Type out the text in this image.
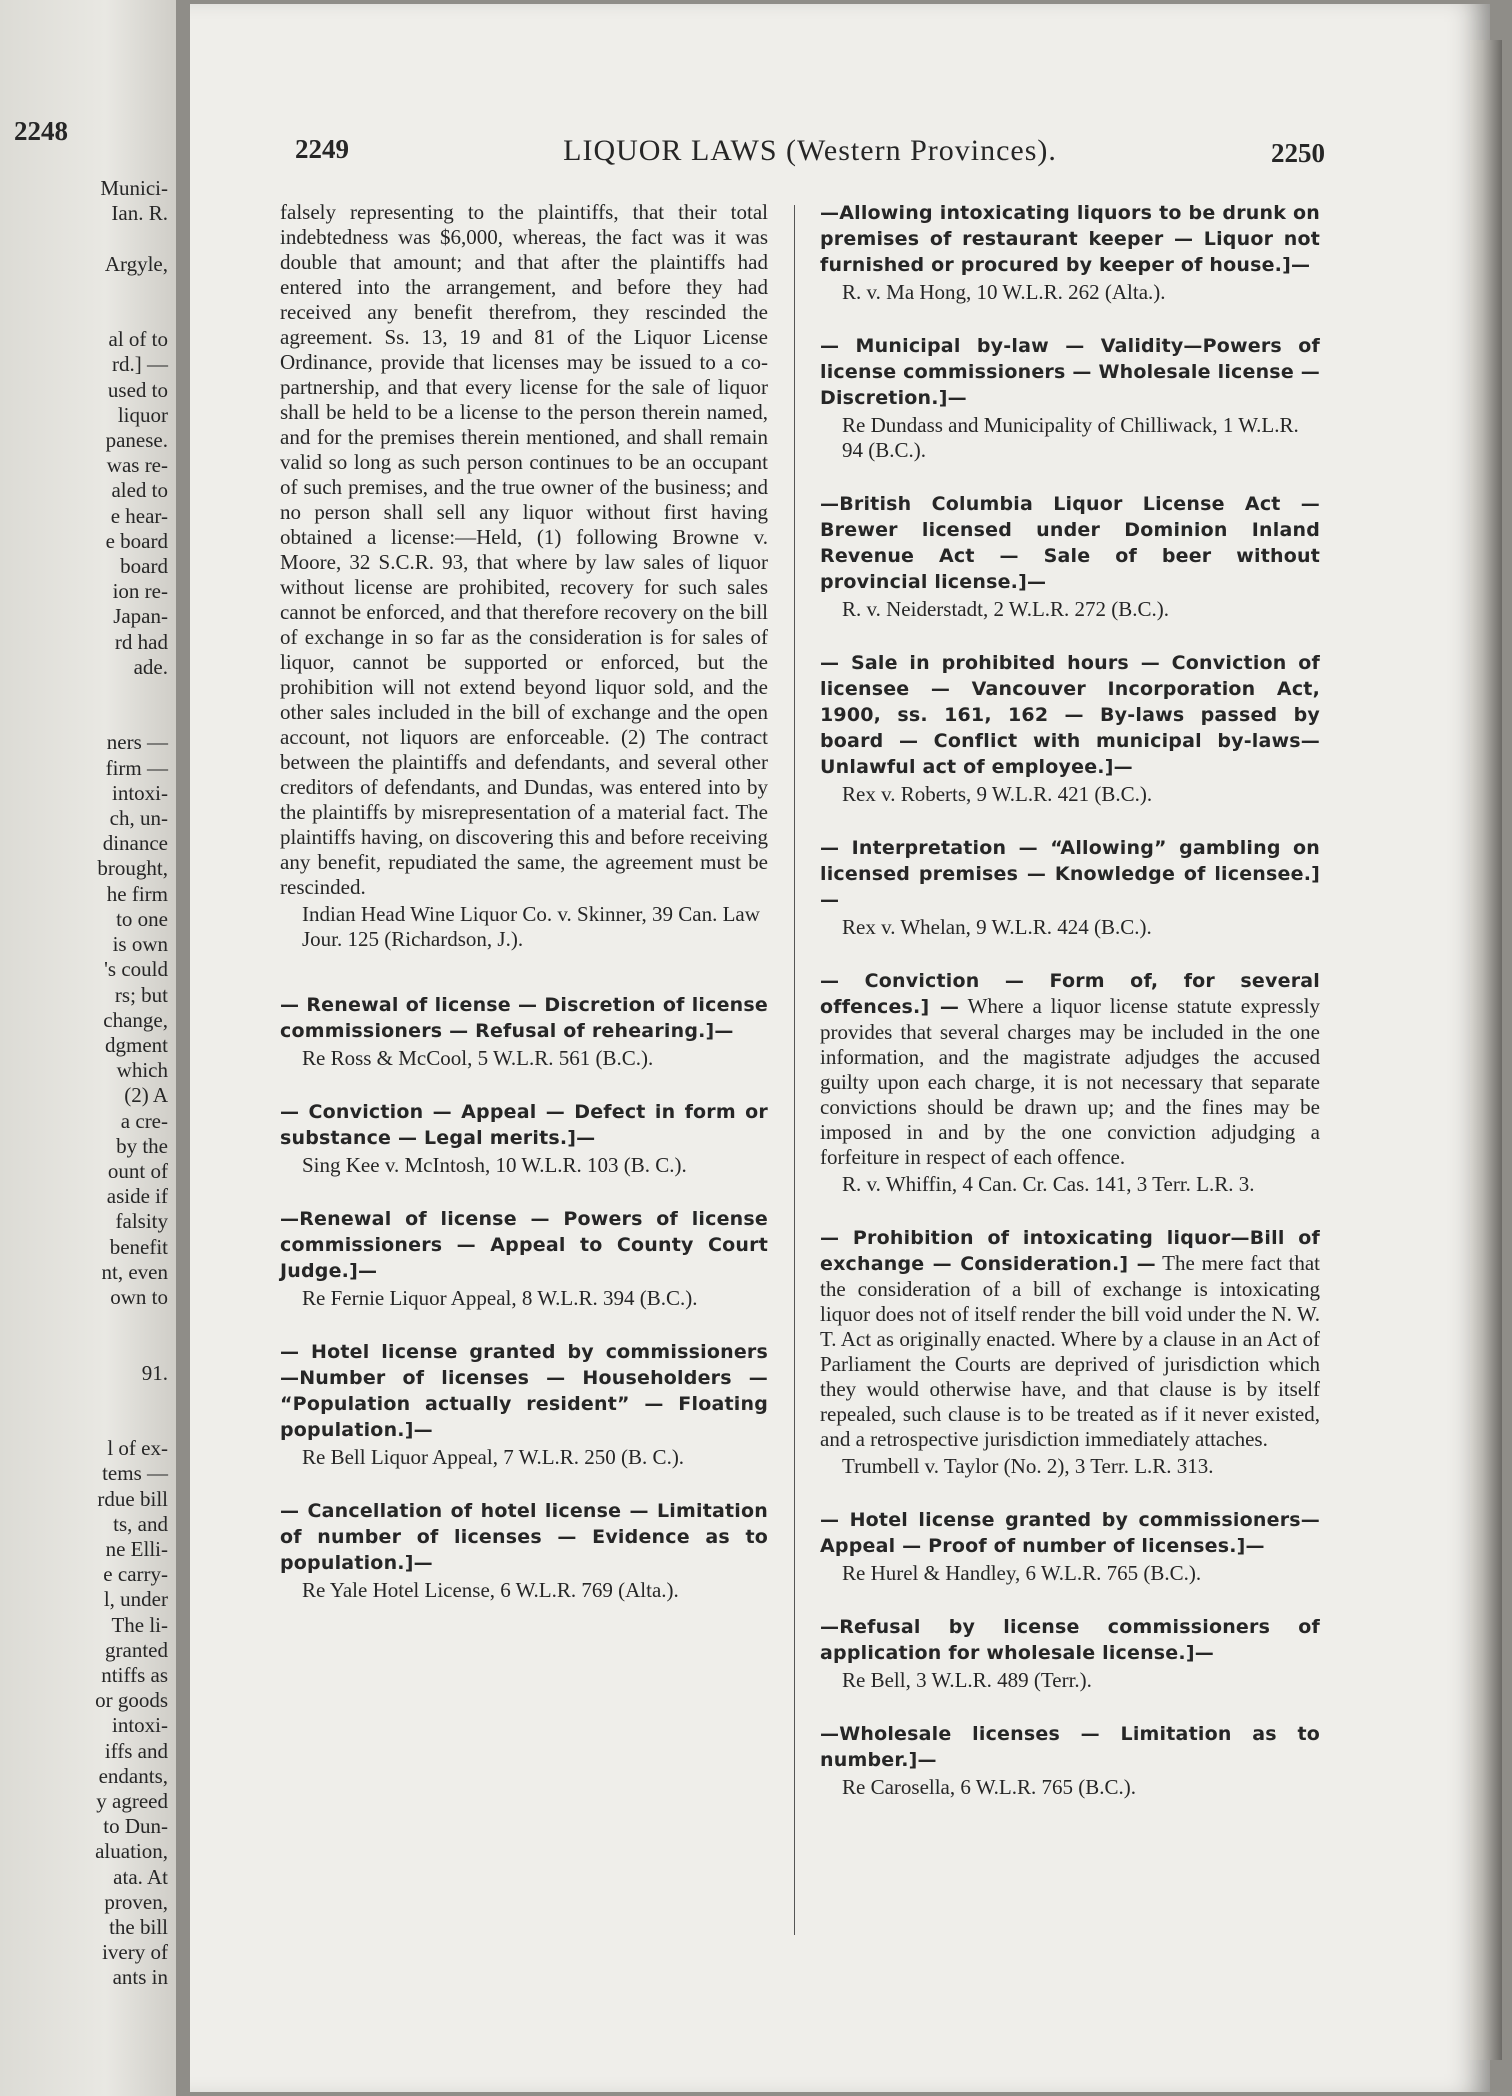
2248
Munici-
Ian. R.

Argyle,

al of to
rd.] —
used to
liquor
panese.
was re-
aled to
e hear-
e board
board
ion re-
Japan-
rd had
ade.

ners —
firm —
intoxi-
ch, un-
dinance
brought,
he firm
to one
is own
's could
rs; but
change,
dgment
which
(2) A
a cre-
by the
ount of
aside if
falsity
benefit
nt, even
own to

91.

l of ex-
tems —
rdue bill
ts, and
ne Elli-
e carry-
l, under
The li-
granted
ntiffs as
or goods
intoxi-
iffs and
endants,
y agreed
to Dun-
aluation,
ata. At
proven,
the bill
ivery of
ants in
2249	LIQUOR LAWS (Western Provinces).	2250

falsely representing to the plaintiffs, that their total indebtedness was $6,000, whereas, the fact was it was double that amount; and that after the plaintiffs had entered into the arrangement, and before they had received any benefit therefrom, they rescinded the agreement. Ss. 13, 19 and 81 of the Liquor License Ordinance, provide that licenses may be issued to a co-partnership, and that every license for the sale of liquor shall be held to be a license to the person therein named, and for the premises therein mentioned, and shall remain valid so long as such person continues to be an occupant of such premises, and the true owner of the business; and no person shall sell any liquor without first having obtained a license:—Held, (1) following Browne v. Moore, 32 S.C.R. 93, that where by law sales of liquor without license are prohibited, recovery for such sales cannot be enforced, and that therefore recovery on the bill of exchange in so far as the consideration is for sales of liquor, cannot be supported or enforced, but the prohibition will not extend beyond liquor sold, and the other sales included in the bill of exchange and the open account, not liquors are enforceable. (2) The contract between the plaintiffs and defendants, and several other creditors of defendants, and Dundas, was entered into by the plaintiffs by misrepresentation of a material fact. The plaintiffs having, on discovering this and before receiving any benefit, repudiated the same, the agreement must be rescinded.

Indian Head Wine Liquor Co. v. Skinner, 39 Can. Law Jour. 125 (Richardson, J.).

— Renewal of license — Discretion of license commissioners — Refusal of rehearing.]—

Re Ross & McCool, 5 W.L.R. 561 (B.C.).

— Conviction — Appeal — Defect in form or substance — Legal merits.]—

Sing Kee v. McIntosh, 10 W.L.R. 103 (B. C.).

—Renewal of license — Powers of license commissioners — Appeal to County Court Judge.]—

Re Fernie Liquor Appeal, 8 W.L.R. 394 (B.C.).

— Hotel license granted by commissioners —Number of licenses — Householders — “Population actually resident” — Floating population.]—

Re Bell Liquor Appeal, 7 W.L.R. 250 (B. C.).

— Cancellation of hotel license — Limitation of number of licenses — Evidence as to population.]—

Re Yale Hotel License, 6 W.L.R. 769 (Alta.).

—Allowing intoxicating liquors to be drunk on premises of restaurant keeper — Liquor not furnished or procured by keeper of house.]—

R. v. Ma Hong, 10 W.L.R. 262 (Alta.).

— Municipal by-law — Validity—Powers of license commissioners — Wholesale license — Discretion.]—

Re Dundass and Municipality of Chilliwack, 1 W.L.R. 94 (B.C.).

—British Columbia Liquor License Act — Brewer licensed under Dominion Inland Revenue Act — Sale of beer without provincial license.]—

R. v. Neiderstadt, 2 W.L.R. 272 (B.C.).

— Sale in prohibited hours — Conviction of licensee — Vancouver Incorporation Act, 1900, ss. 161, 162 — By-laws passed by board — Conflict with municipal by-laws— Unlawful act of employee.]—

Rex v. Roberts, 9 W.L.R. 421 (B.C.).

— Interpretation — “Allowing” gambling on licensed premises — Knowledge of licensee.]—

Rex v. Whelan, 9 W.L.R. 424 (B.C.).

— Conviction — Form of, for several offences.] — Where a liquor license statute expressly provides that several charges may be included in the one information, and the magistrate adjudges the accused guilty upon each charge, it is not necessary that separate convictions should be drawn up; and the fines may be imposed in and by the one conviction adjudging a forfeiture in respect of each offence.

R. v. Whiffin, 4 Can. Cr. Cas. 141, 3 Terr. L.R. 3.

— Prohibition of intoxicating liquor—Bill of exchange — Consideration.] — The mere fact that the consideration of a bill of exchange is intoxicating liquor does not of itself render the bill void under the N. W. T. Act as originally enacted. Where by a clause in an Act of Parliament the Courts are deprived of jurisdiction which they would otherwise have, and that clause is by itself repealed, such clause is to be treated as if it never existed, and a retrospective jurisdiction immediately attaches.

Trumbell v. Taylor (No. 2), 3 Terr. L.R. 313.

— Hotel license granted by commissioners— Appeal — Proof of number of licenses.]—

Re Hurel & Handley, 6 W.L.R. 765 (B.C.).

—Refusal by license commissioners of application for wholesale license.]—

Re Bell, 3 W.L.R. 489 (Terr.).

—Wholesale licenses — Limitation as to number.]—

Re Carosella, 6 W.L.R. 765 (B.C.).
